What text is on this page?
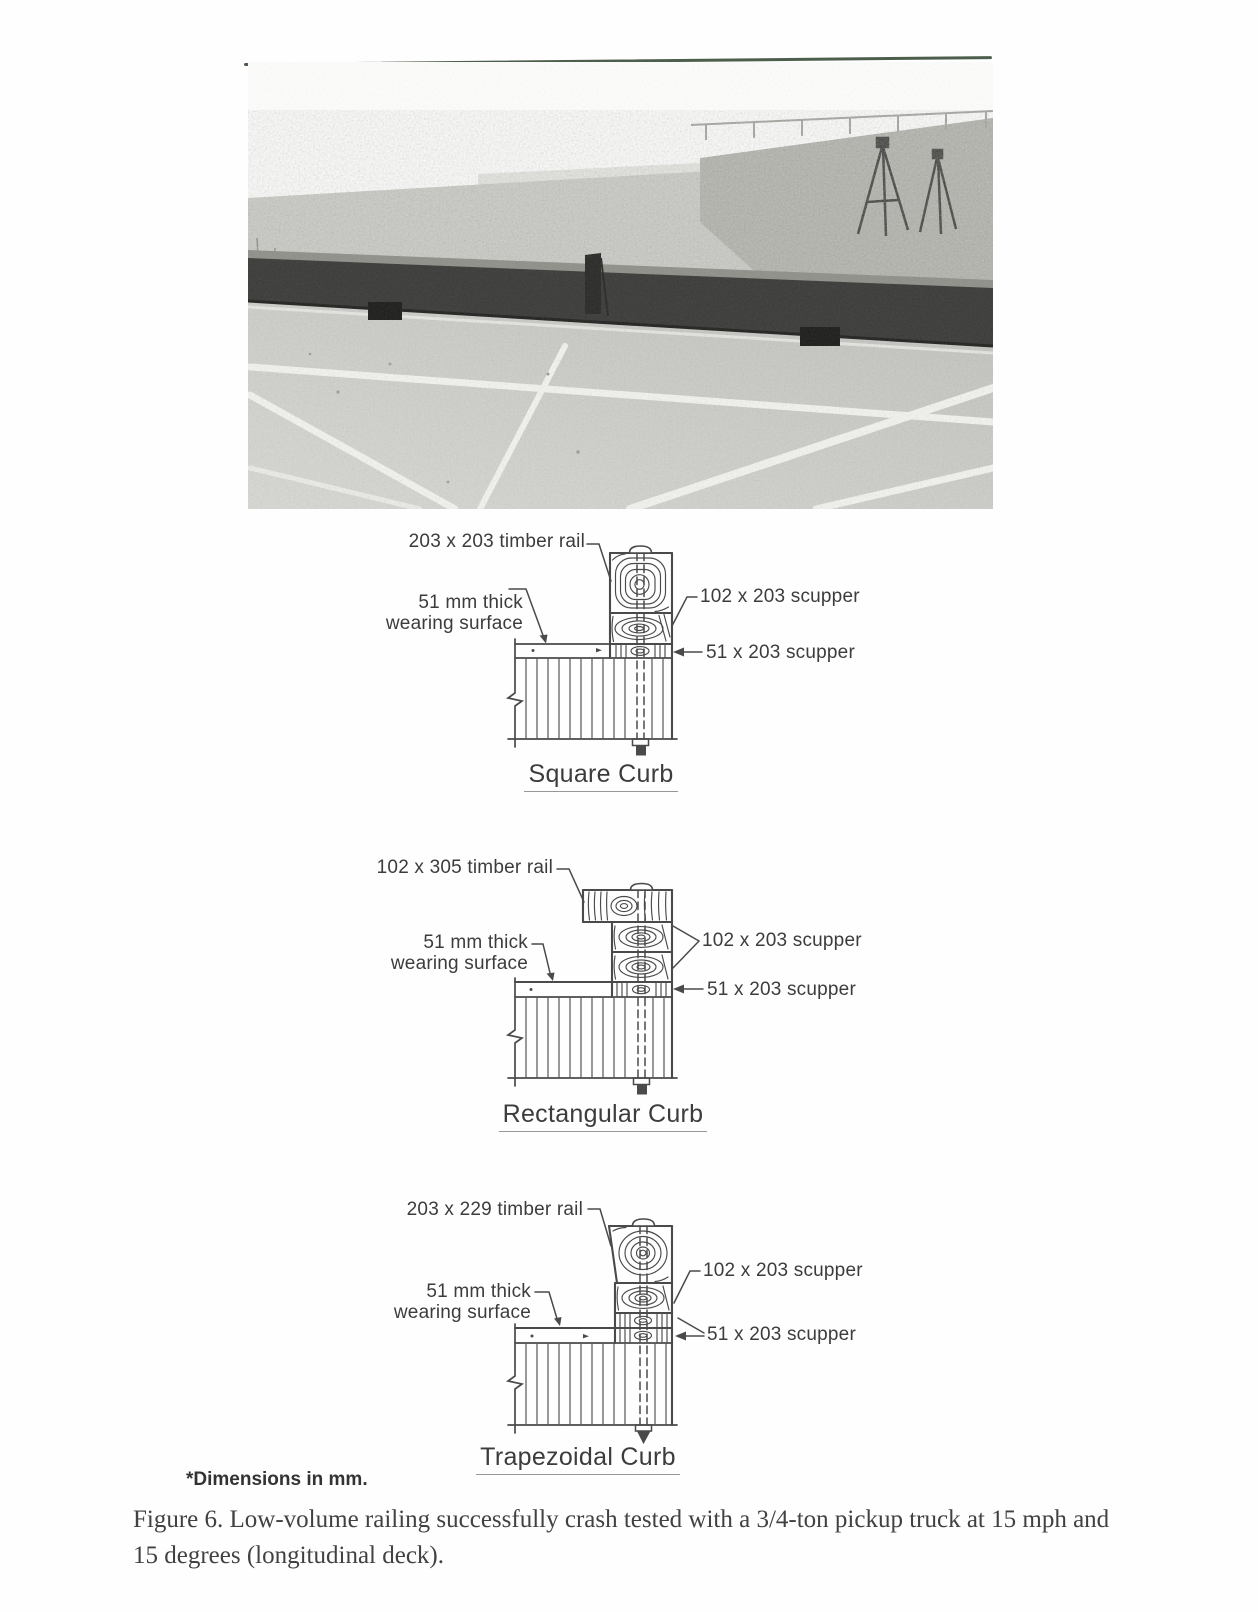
203 x 203 timber rail
51 mm thick
wearing surface
102 x 203 scupper
51 x 203 scupper
Square Curb
102 x 305 timber rail
51 mm thick
wearing surface
102 x 203 scupper
51 x 203 scupper
Rectangular Curb
203 x 229 timber rail
51 mm thick
wearing surface
102 x 203 scupper
51 x 203 scupper
Trapezoidal Curb
*Dimensions in mm.
Figure 6. Low-volume railing successfully crash tested with a 3/4-ton pickup truck at 15 mph and
15 degrees (longitudinal deck).
